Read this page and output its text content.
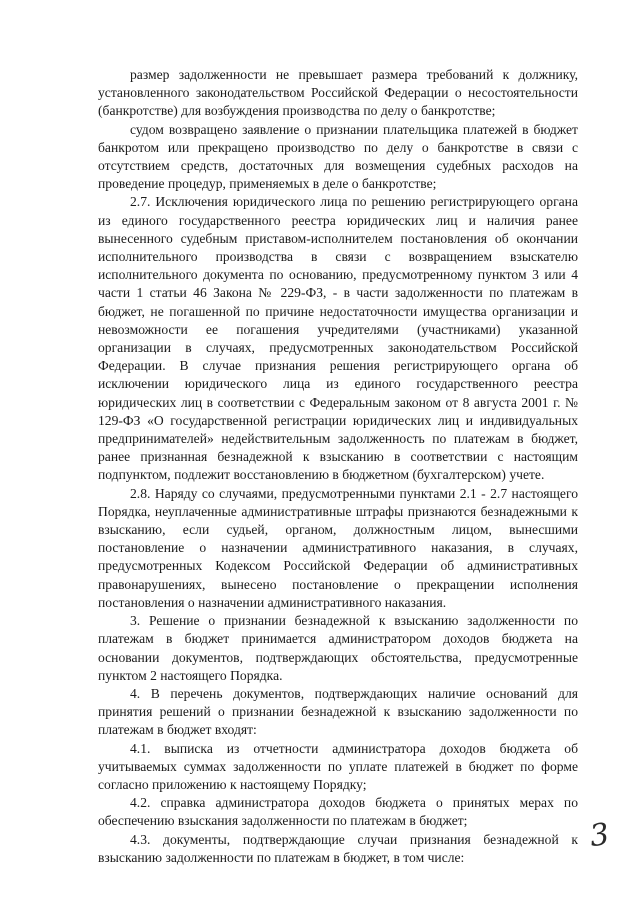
размер задолженности не превышает размера требований к должнику, установленного законодательством Российской Федерации о несостоятельности (банкротстве) для возбуждения производства по делу о банкротстве;

судом возвращено заявление о признании плательщика платежей в бюджет банкротом или прекращено производство по делу о банкротстве в связи с отсутствием средств, достаточных для возмещения судебных расходов на проведение процедур, применяемых в деле о банкротстве;

2.7. Исключения юридического лица по решению регистрирующего органа из единого государственного реестра юридических лиц и наличия ранее вынесенного судебным приставом-исполнителем постановления об окончании исполнительного производства в связи с возвращением взыскателю исполнительного документа по основанию, предусмотренному пунктом 3 или 4 части 1 статьи 46 Закона № 229-ФЗ, - в части задолженности по платежам в бюджет, не погашенной по причине недостаточности имущества организации и невозможности ее погашения учредителями (участниками) указанной организации в случаях, предусмотренных законодательством Российской Федерации. В случае признания решения регистрирующего органа об исключении юридического лица из единого государственного реестра юридических лиц в соответствии с Федеральным законом от 8 августа 2001 г. № 129-ФЗ «О государственной регистрации юридических лиц и индивидуальных предпринимателей» недействительным задолженность по платежам в бюджет, ранее признанная безнадежной к взысканию в соответствии с настоящим подпунктом, подлежит восстановлению в бюджетном (бухгалтерском) учете.

2.8. Наряду со случаями, предусмотренными пунктами 2.1 - 2.7 настоящего Порядка, неуплаченные административные штрафы признаются безнадежными к взысканию, если судьей, органом, должностным лицом, вынесшими постановление о назначении административного наказания, в случаях, предусмотренных Кодексом Российской Федерации об административных правонарушениях, вынесено постановление о прекращении исполнения постановления о назначении административного наказания.

3. Решение о признании безнадежной к взысканию задолженности по платежам в бюджет принимается администратором доходов бюджета на основании документов, подтверждающих обстоятельства, предусмотренные пунктом 2 настоящего Порядка.

4. В перечень документов, подтверждающих наличие оснований для принятия решений о признании безнадежной к взысканию задолженности по платежам в бюджет входят:

4.1. выписка из отчетности администратора доходов бюджета об учитываемых суммах задолженности по уплате платежей в бюджет по форме согласно приложению к настоящему Порядку;

4.2. справка администратора доходов бюджета о принятых мерах по обеспечению взыскания задолженности по платежам в бюджет;

4.3. документы, подтверждающие случаи признания безнадежной к взысканию задолженности по платежам в бюджет, в том числе:

3
